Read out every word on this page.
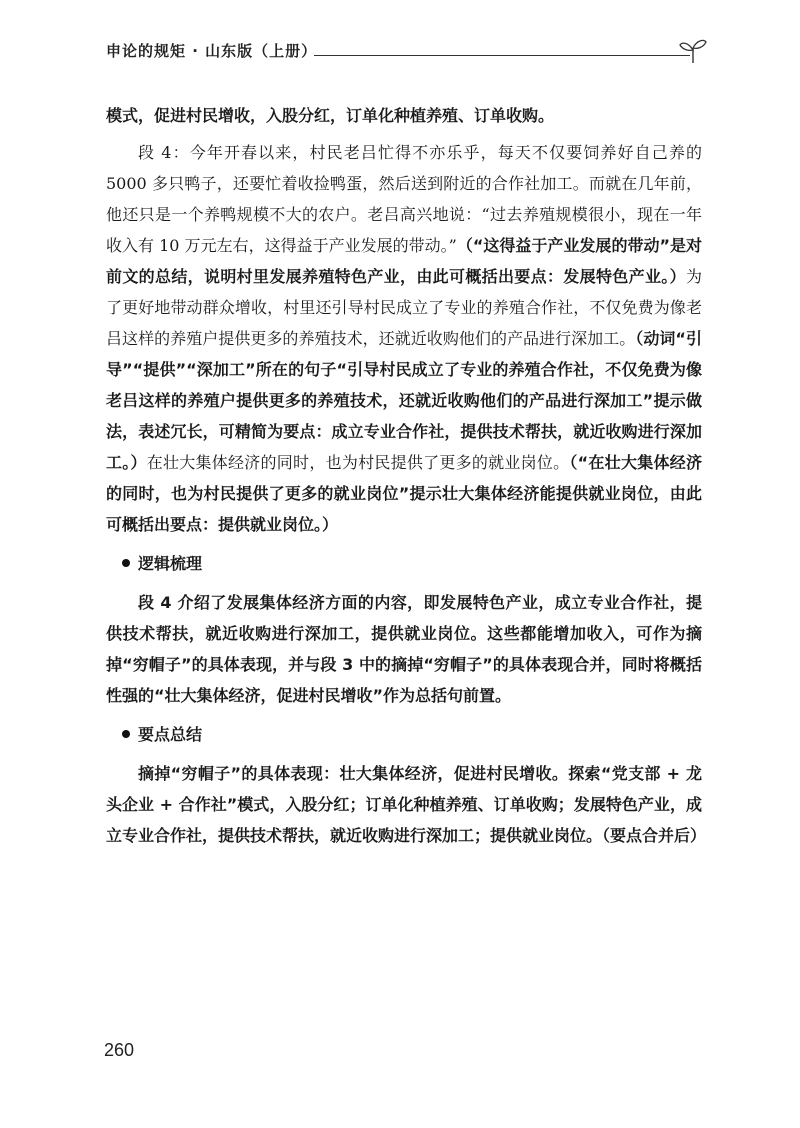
申论的规矩 · 山东版（上册）

模式，促进村民增收，入股分红，订单化种植养殖、订单收购。

段 4：今年开春以来，村民老吕忙得不亦乐乎，每天不仅要饲养好自己养的 5000 多只鸭子，还要忙着收捡鸭蛋，然后送到附近的合作社加工。而就在几年前，他还只是一个养鸭规模不大的农户。老吕高兴地说：“过去养殖规模很小，现在一年收入有 10 万元左右，这得益于产业发展的带动。”（“这得益于产业发展的带动”是对前文的总结，说明村里发展养殖特色产业，由此可概括出要点：发展特色产业。）为了更好地带动群众增收，村里还引导村民成立了专业的养殖合作社，不仅免费为像老吕这样的养殖户提供更多的养殖技术，还就近收购他们的产品进行深加工。（动词“引导”“提供”“深加工”所在的句子“引导村民成立了专业的养殖合作社，不仅免费为像老吕这样的养殖户提供更多的养殖技术，还就近收购他们的产品进行深加工”提示做法，表述冗长，可精简为要点：成立专业合作社，提供技术帮扶，就近收购进行深加工。）在壮大集体经济的同时，也为村民提供了更多的就业岗位。（“在壮大集体经济的同时，也为村民提供了更多的就业岗位”提示壮大集体经济能提供就业岗位，由此可概括出要点：提供就业岗位。）

逻辑梳理

段 4 介绍了发展集体经济方面的内容，即发展特色产业，成立专业合作社，提供技术帮扶，就近收购进行深加工，提供就业岗位。这些都能增加收入，可作为摘掉“穷帽子”的具体表现，并与段 3 中的摘掉“穷帽子”的具体表现合并，同时将概括性强的“壮大集体经济，促进村民增收”作为总括句前置。

要点总结

摘掉“穷帽子”的具体表现：壮大集体经济，促进村民增收。探索“党支部 + 龙头企业 + 合作社”模式，入股分红；订单化种植养殖、订单收购；发展特色产业，成立专业合作社，提供技术帮扶，就近收购进行深加工；提供就业岗位。（要点合并后）

260
